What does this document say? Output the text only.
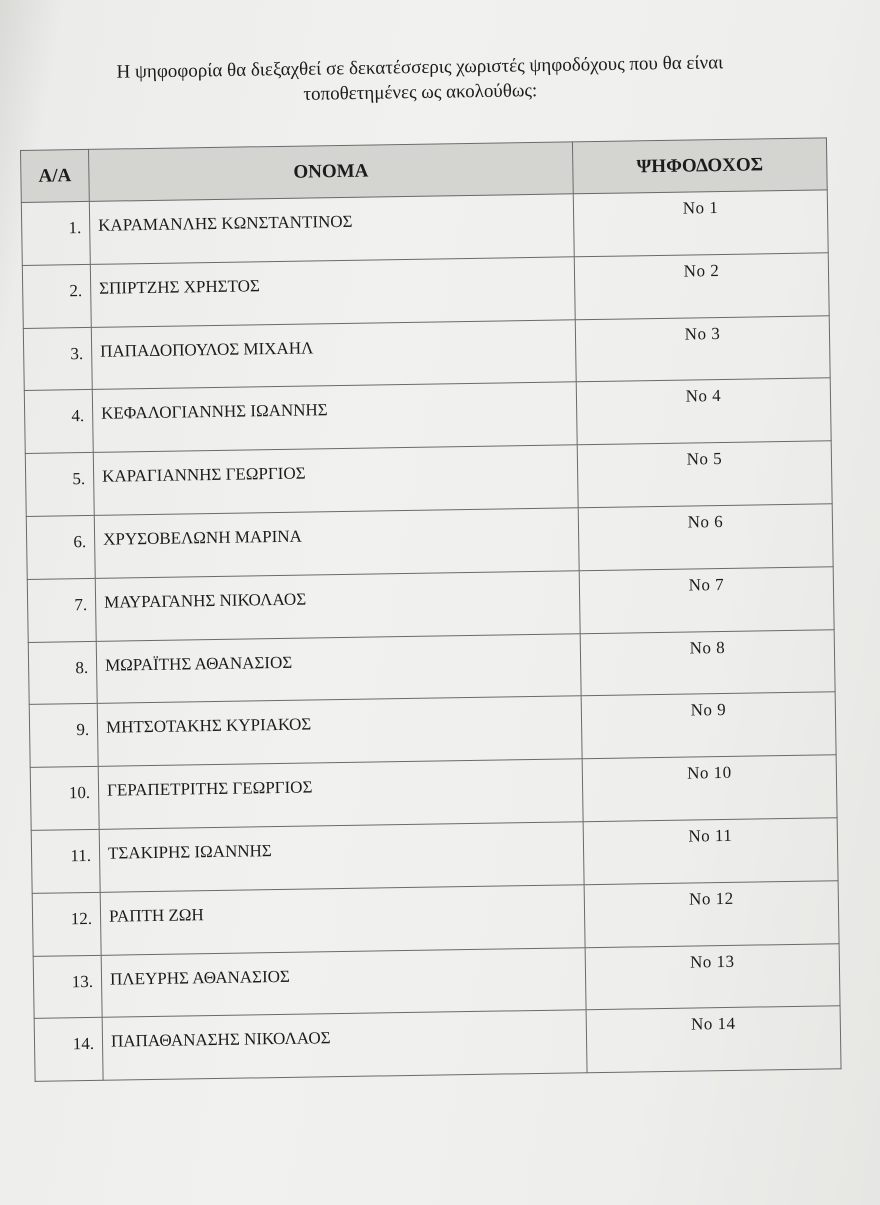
Η ψηφοφορία θα διεξαχθεί σε δεκατέσσερις χωριστές ψηφοδόχους που θα είναι
τοποθετημένες ως ακολούθως:
Α/Α	ΟΝΟΜΑ	ΨΗΦΟΔΟΧΟΣ
1.	ΚΑΡΑΜΑΝΛΗΣ ΚΩΝΣΤΑΝΤΙΝΟΣ	Νο 1
2.	ΣΠΙΡΤΖΗΣ ΧΡΗΣΤΟΣ	Νο 2
3.	ΠΑΠΑΔΟΠΟΥΛΟΣ ΜΙΧΑΗΛ	Νο 3
4.	ΚΕΦΑΛΟΓΙΑΝΝΗΣ ΙΩΑΝΝΗΣ	Νο 4
5.	ΚΑΡΑΓΙΑΝΝΗΣ ΓΕΩΡΓΙΟΣ	Νο 5
6.	ΧΡΥΣΟΒΕΛΩΝΗ ΜΑΡΙΝΑ	Νο 6
7.	ΜΑΥΡΑΓΑΝΗΣ ΝΙΚΟΛΑΟΣ	Νο 7
8.	ΜΩΡΑΪΤΗΣ ΑΘΑΝΑΣΙΟΣ	Νο 8
9.	ΜΗΤΣΟΤΑΚΗΣ ΚΥΡΙΑΚΟΣ	Νο 9
10.	ΓΕΡΑΠΕΤΡΙΤΗΣ ΓΕΩΡΓΙΟΣ	Νο 10
11.	ΤΣΑΚΙΡΗΣ ΙΩΑΝΝΗΣ	Νο 11
12.	ΡΑΠΤΗ ΖΩΗ	Νο 12
13.	ΠΛΕΥΡΗΣ ΑΘΑΝΑΣΙΟΣ	Νο 13
14.	ΠΑΠΑΘΑΝΑΣΗΣ ΝΙΚΟΛΑΟΣ	Νο 14
